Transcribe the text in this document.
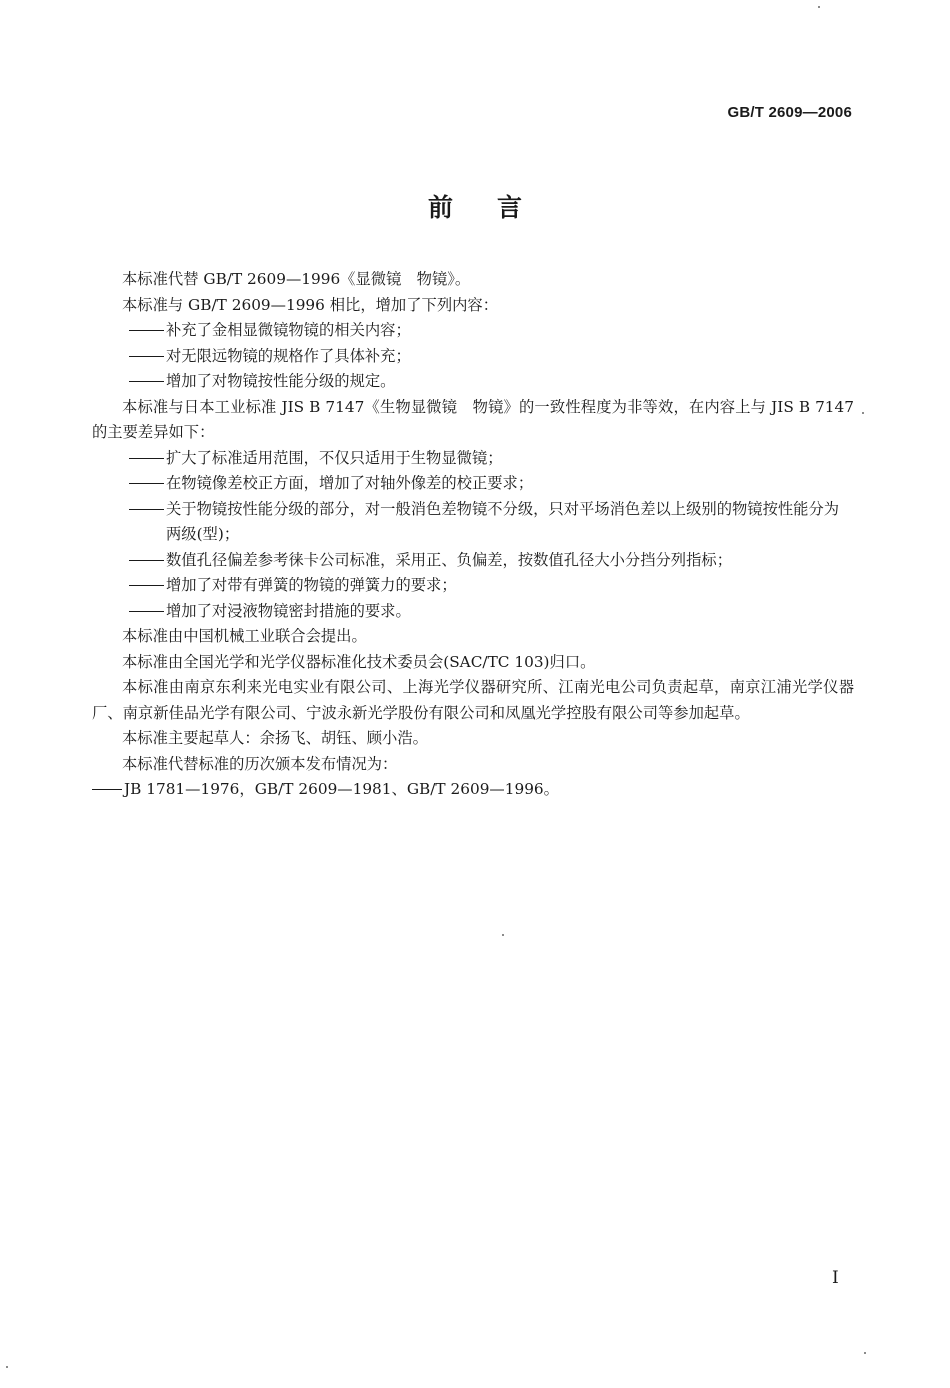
GB/T 2609—2006
前言

本标准代替 GB/T 2609—1996《显微镜　物镜》。

本标准与 GB/T 2609—1996 相比，增加了下列内容：

补充了金相显微镜物镜的相关内容；
对无限远物镜的规格作了具体补充；
增加了对物镜按性能分级的规定。

本标准与日本工业标准 JIS B 7147《生物显微镜　物镜》的一致性程度为非等效，在内容上与 JIS B 7147的主要差异如下：

扩大了标准适用范围，不仅只适用于生物显微镜；
在物镜像差校正方面，增加了对轴外像差的校正要求；
关于物镜按性能分级的部分，对一般消色差物镜不分级，只对平场消色差以上级别的物镜按性能分为两级(型)；
数值孔径偏差参考徕卡公司标准，采用正、负偏差，按数值孔径大小分挡分列指标；
增加了对带有弹簧的物镜的弹簧力的要求；
增加了对浸液物镜密封措施的要求。

本标准由中国机械工业联合会提出。

本标准由全国光学和光学仪器标准化技术委员会(SAC/TC 103)归口。

本标准由南京东利来光电实业有限公司、上海光学仪器研究所、江南光电公司负责起草，南京江浦光学仪器厂、南京新佳品光学有限公司、宁波永新光学股份有限公司和凤凰光学控股有限公司等参加起草。

本标准主要起草人：余扬飞、胡钰、顾小浩。

本标准代替标准的历次颁本发布情况为：

JB 1781—1976，GB/T 2609—1981、GB/T 2609—1996。
I
